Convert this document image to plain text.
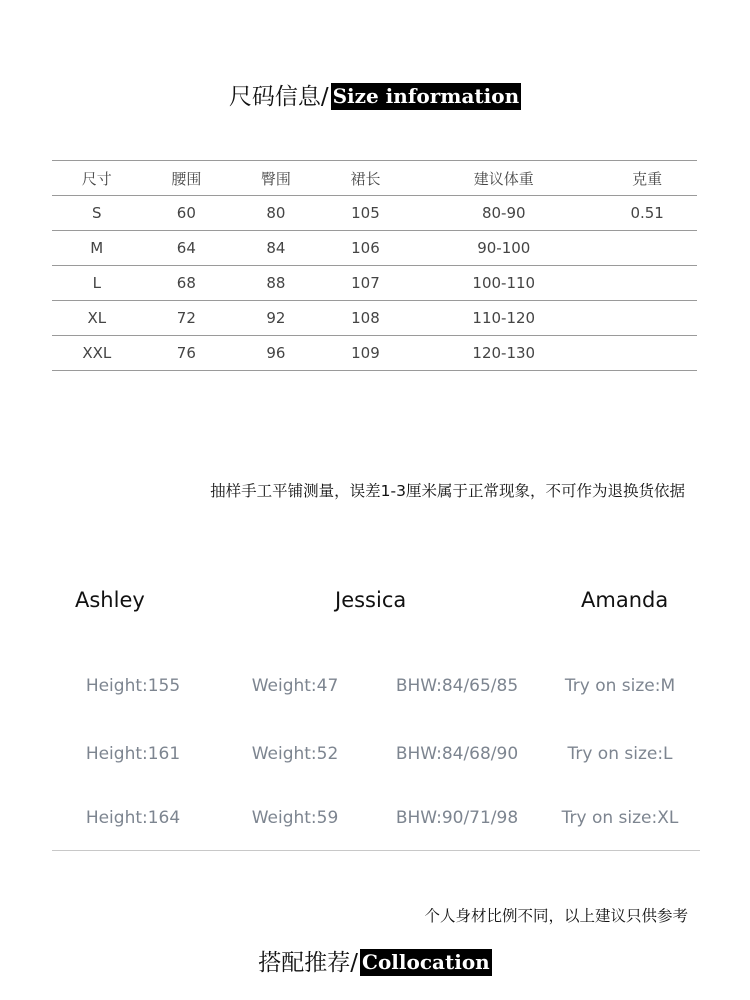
尺码信息/ Size information
尺寸	腰围	臀围	裙长	建议体重	克重
S	60	80	105	80-90	0.51
M	64	84	106	90-100	
L	68	88	107	100-110	
XL	72	92	108	110-120	
XXL	76	96	109	120-130	
抽样手工平铺测量，误差1-3厘米属于正常现象，不可作为退换货依据
Ashley	Jessica	Amanda
Height:155	Weight:47	BHW:84/65/85	Try on size:M
Height:161	Weight:52	BHW:84/68/90	Try on size:L
Height:164	Weight:59	BHW:90/71/98	Try on size:XL
个人身材比例不同，以上建议只供参考
搭配推荐/ Collocation
